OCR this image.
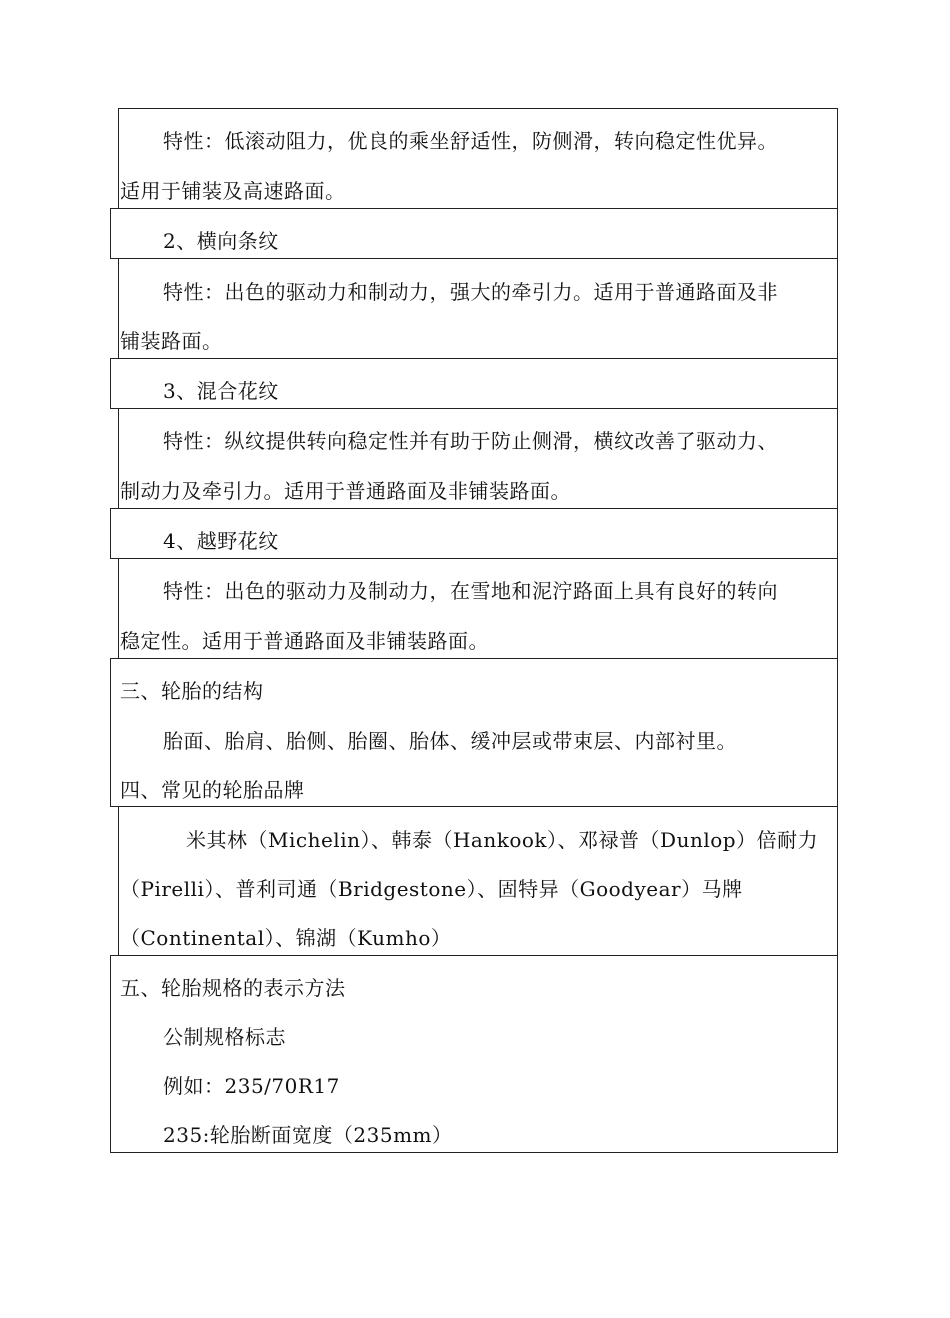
特性：低滚动阻力，优良的乘坐舒适性，防侧滑，转向稳定性优异。
适用于铺装及高速路面。
2、横向条纹
特性：出色的驱动力和制动力，强大的牵引力。适用于普通路面及非
铺装路面。
3、混合花纹
特性：纵纹提供转向稳定性并有助于防止侧滑，横纹改善了驱动力、
制动力及牵引力。适用于普通路面及非铺装路面。
4、越野花纹
特性：出色的驱动力及制动力，在雪地和泥泞路面上具有良好的转向
稳定性。适用于普通路面及非铺装路面。
三、轮胎的结构
胎面、胎肩、胎侧、胎圈、胎体、缓冲层或带束层、内部衬里。
四、常见的轮胎品牌
米其林（Michelin）、韩泰（Hankook）、邓禄普（Dunlop）倍耐力
（Pirelli）、普利司通（Bridgestone）、固特异（Goodyear）马牌
（Continental）、锦湖（Kumho）
五、轮胎规格的表示方法
公制规格标志
例如：235/70R17
235:轮胎断面宽度（235mm）
